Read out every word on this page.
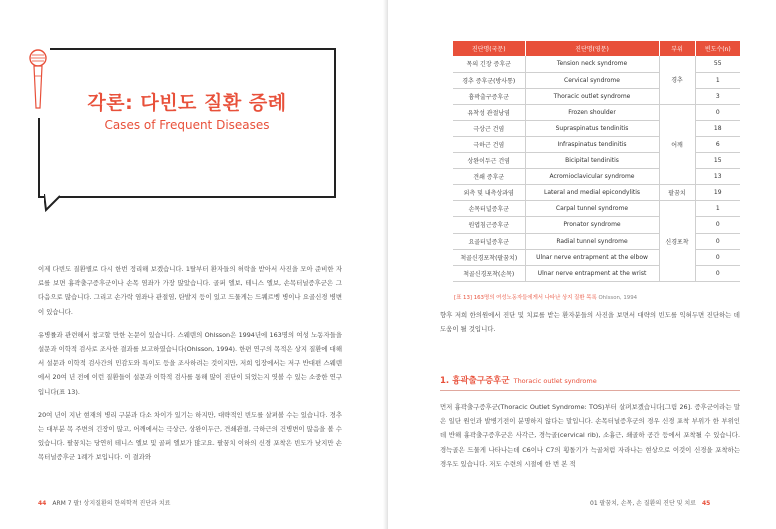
각론: 다빈도 질환 증례
Cases of Frequent Diseases

이제 다빈도 질환별로 다시 한번 정리해 보겠습니다. 1탈부터 환자들의 허락을 받아서 사진을 모아 준비한 자료를 보면 흉곽출구증후군이나 손목 염좌가 가장 많았습니다. 골퍼 엘보, 테니스 엘보, 손목터널증후군은 그 다음으로 많습니다. 그리고 손가락 염좌나 관절염, 탄발지 등이 있고 드물게는 드퀘르벵 병이나 요골신경 병변이 있습니다.

유병률과 관련해서 참고할 만한 논문이 있습니다. 스웨덴의 Ohlsson은 1994년에 163명의 여성 노동자들을 설문과 이학적 검사로 조사한 결과를 보고하였습니다(Ohlsson, 1994). 한편 연구의 목적은 상지 질환에 대해서 설문과 이학적 검사간의 민감도와 특이도 등을 조사하려는 것이지만, 저희 입장에서는 저구 반대편 스웨덴에서 20여 년 전에 이런 질환들이 설문과 이학적 검사를 통해 많이 진단이 되었는지 엿볼 수 있는 소중한 연구입니다(표 13).

20여 년이 지난 현재의 병리 구분과 다소 차이가 있기는 하지만, 대략적인 빈도를 살펴볼 수는 있습니다. 경추는 대부분 목 주변의 긴장이 많고, 어깨에서는 극상근, 상완이두근, 견쇄관절, 극하근의 건병변이 많음을 볼 수 있습니다. 팔꿈치는 당연히 테니스 엘보 및 골퍼 엘보가 많고요. 팔꿈치 이하의 신경 포착은 빈도가 낮지만 손목터널증후군 1례가 보입니다. 이 결과와

44 ARM 7 팔! 상지질환의 한의학적 진단과 치료
진단명(국문)	진단명(영문)	부위	빈도수(n)
목의 긴장 증후군	Tension neck syndrome	경추	55
경추 증후군(방사통)	Cervical syndrome		1
흉곽출구증후군	Thoracic outlet syndrome		3
유착성 관절낭염	Frozen shoulder	어깨	0
극상근 건염	Supraspinatus tendinitis		18
극하근 건염	Infraspinatus tendinitis		6
상완이두근 건염	Bicipital tendinitis		15
견쇄 증후군	Acromioclavicular syndrome		13
외측 및 내측상과염	Lateral and medial epicondylitis	팔꿈치	19
손목터널증후군	Carpal tunnel syndrome	신경포착	1
원엽침근증후군	Pronator syndrome		0
요골터널증후군	Radial tunnel syndrome		0
척골신경포착(팔꿈치)	Ulnar nerve entrapment at the elbow		0
척골신경포착(손목)	Ulnar nerve entrapment at the wrist		0
[표 13] 163명의 여성노동자들에게서 나타난 상지 질환 목록 Ohlsson, 1994
향후 저희 한의원에서 진단 및 치료를 받는 환자분들의 사진을 보면서 대략의 빈도를 익혀두면 진단하는 데 도움이 될 것입니다.
1. 흉곽출구증후군 Thoracic outlet syndrome
먼저 흉곽출구증후군(Thoracic Outlet Syndrome: TOS)부터 살펴보겠습니다[그림 26]. 증후군이라는 말은 일단 원인과 발병기전이 분명하지 않다는 말입니다. 손목터널증후군의 경우 신경 포착 부위가 한 부위인데 반해 흉곽출구증후군은 사각근, 경늑골(cervical rib), 소흉근, 쇄골하 공간 등에서 포착될 수 있습니다. 경늑골은 드물게 나타나는데 C6이나 C7의 횡돌기가 늑골처럼 자라나는 현상으로 이것이 신경을 포착하는 경우도 있습니다. 저도 수련의 시절에 한 번 본 적
01 팔꿈치, 손목, 손 질환의 진단 및 치료 45
